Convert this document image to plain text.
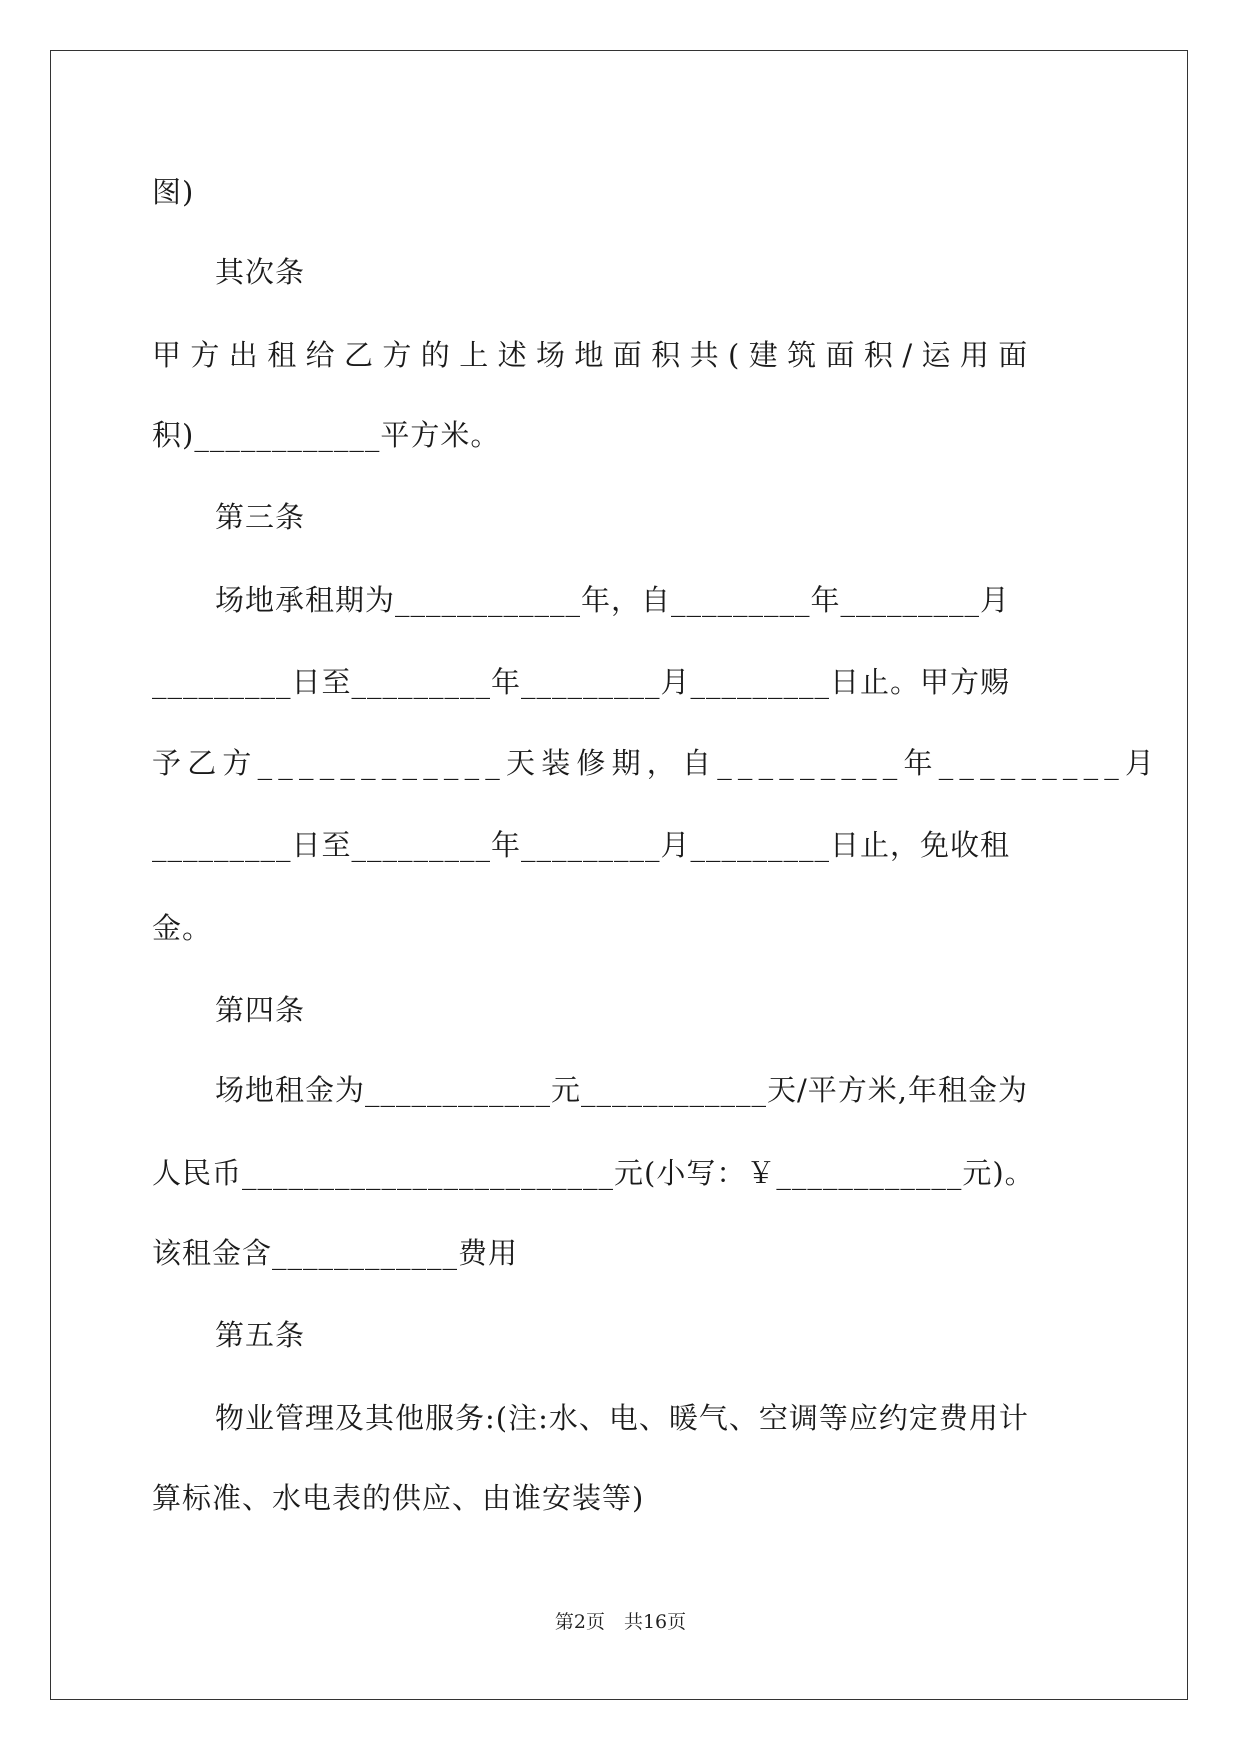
图)
其次条
甲方出租给乙方的上述场地面积共(建筑面积/运用面
积)____________平方米。
第三条
场地承租期为____________年，自_________年_________月
_________日至_________年_________月_________日止。甲方赐
予乙方____________天装修期，自_________年_________月
_________日至_________年_________月_________日止，免收租
金。
第四条
场地租金为____________元____________天/平方米,年租金为
人民币________________________元(小写：￥____________元)。
该租金含____________费用
第五条
物业管理及其他服务:(注:水、电、暖气、空调等应约定费用计
算标准、水电表的供应、由谁安装等)
第2页　共16页
